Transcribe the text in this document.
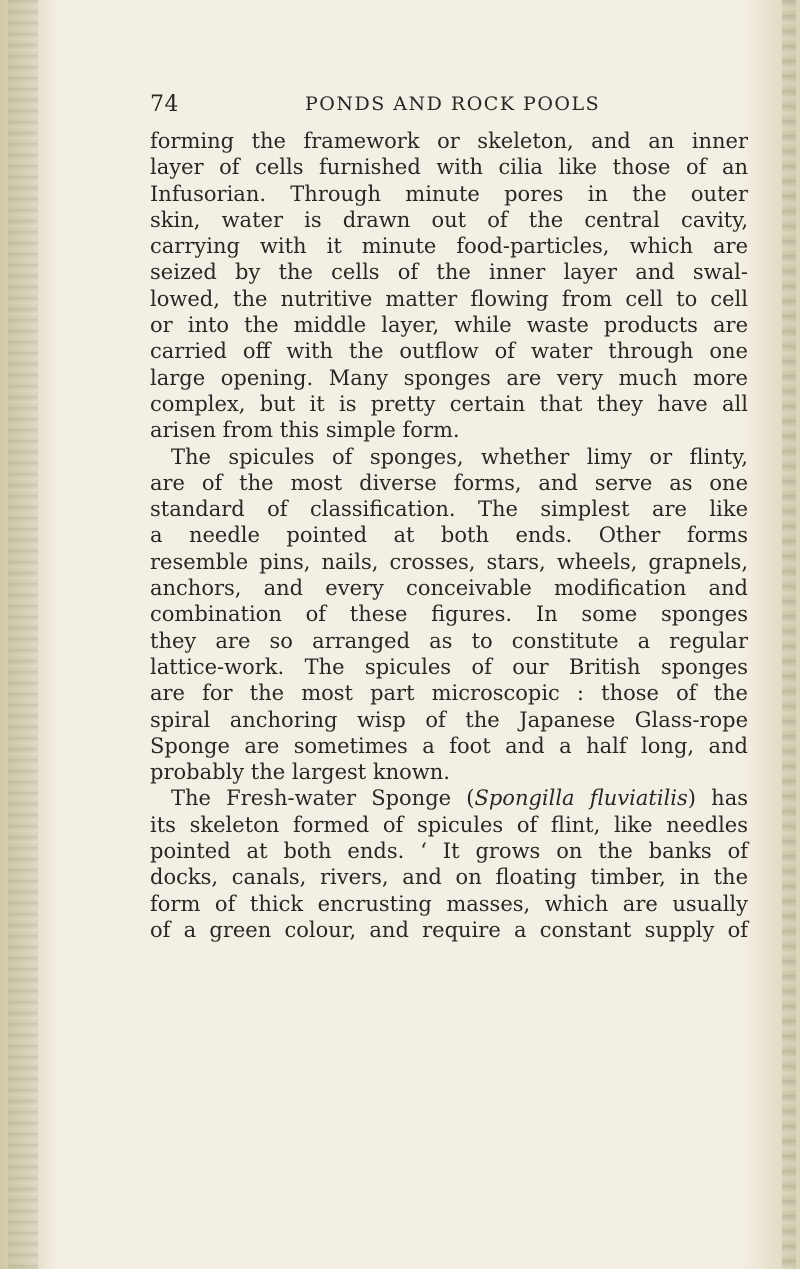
74	PONDS AND ROCK POOLS
forming the framework or skeleton, and an inner
layer of cells furnished with cilia like those of an
Infusorian. Through minute pores in the outer
skin, water is drawn out of the central cavity,
carrying with it minute food-particles, which are
seized by the cells of the inner layer and swal-
lowed, the nutritive matter flowing from cell to cell
or into the middle layer, while waste products are
carried off with the outflow of water through one
large opening. Many sponges are very much more
complex, but it is pretty certain that they have all
arisen from this simple form.
The spicules of sponges, whether limy or flinty,
are of the most diverse forms, and serve as one
standard of classification. The simplest are like
a needle pointed at both ends. Other forms
resemble pins, nails, crosses, stars, wheels, grapnels,
anchors, and every conceivable modification and
combination of these figures. In some sponges
they are so arranged as to constitute a regular
lattice-work. The spicules of our British sponges
are for the most part microscopic : those of the
spiral anchoring wisp of the Japanese Glass-rope
Sponge are sometimes a foot and a half long, and
probably the largest known.
The Fresh-water Sponge (Spongilla fluviatilis) has
its skeleton formed of spicules of flint, like needles
pointed at both ends. ‘ It grows on the banks of
docks, canals, rivers, and on floating timber, in the
form of thick encrusting masses, which are usually
of a green colour, and require a constant supply of
